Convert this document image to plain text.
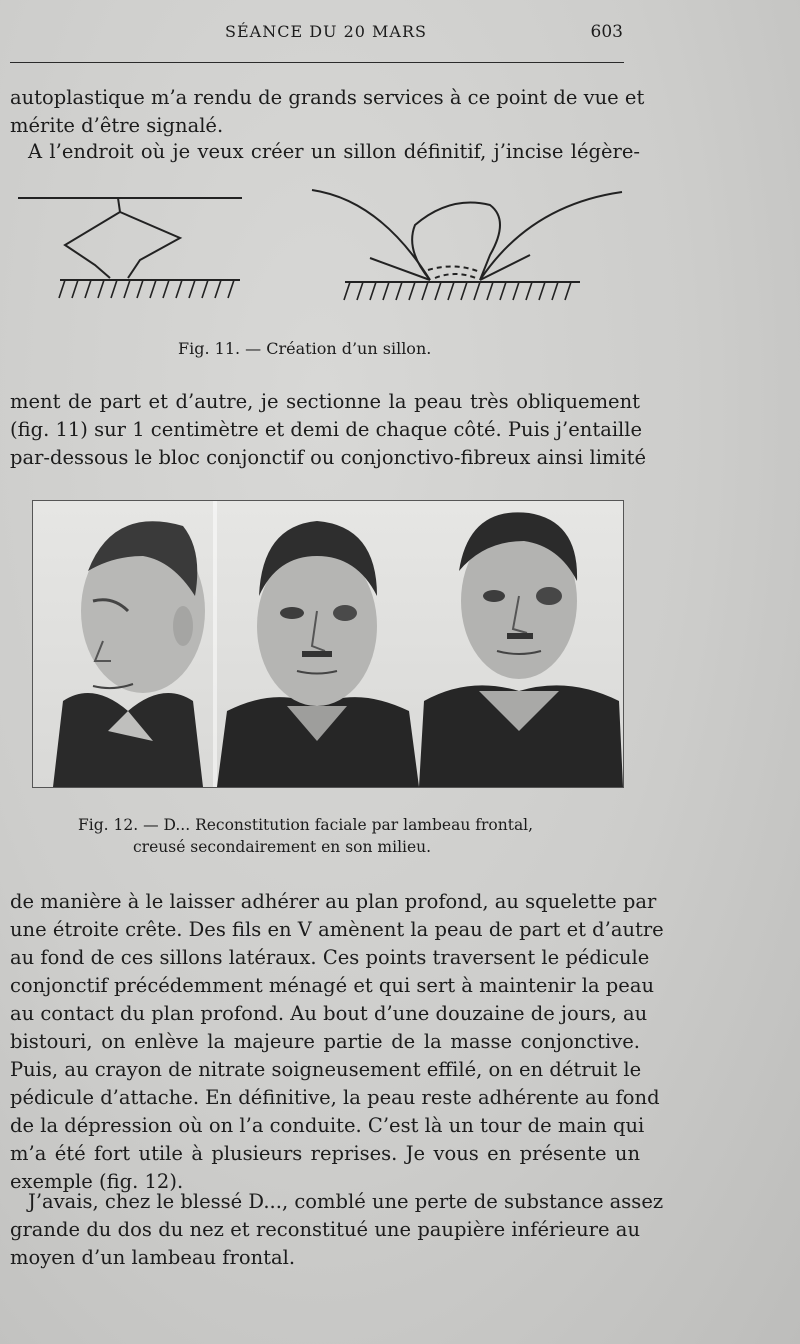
SÉANCE DU 20 MARS	603

autoplastique m’a rendu de grands services à ce point de vue et
mérite d’être signalé.

A l’endroit où je veux créer un sillon définitif, j’incise légère-

Fig. 11. — Création d’un sillon.

ment de part et d’autre, je sectionne la peau très obliquement
(fig. 11) sur 1 centimètre et demi de chaque côté. Puis j’entaille
par-dessous le bloc conjonctif ou conjonctivo-fibreux ainsi limité

Fig. 12. — D... Reconstitution faciale par lambeau frontal,
creusé secondairement en son milieu.

de manière à le laisser adhérer au plan profond, au squelette par
une étroite crête. Des fils en V amènent la peau de part et d’autre
au fond de ces sillons latéraux. Ces points traversent le pédicule
conjonctif précédemment ménagé et qui sert à maintenir la peau
au contact du plan profond. Au bout d’une douzaine de jours, au
bistouri, on enlève la majeure partie de la masse conjonctive.
Puis, au crayon de nitrate soigneusement effilé, on en détruit le
pédicule d’attache. En définitive, la peau reste adhérente au fond
de la dépression où on l’a conduite. C’est là un tour de main qui
m’a été fort utile à plusieurs reprises. Je vous en présente un
exemple (fig. 12).

J’avais, chez le blessé D..., comblé une perte de substance assez
grande du dos du nez et reconstitué une paupière inférieure au
moyen d’un lambeau frontal.
